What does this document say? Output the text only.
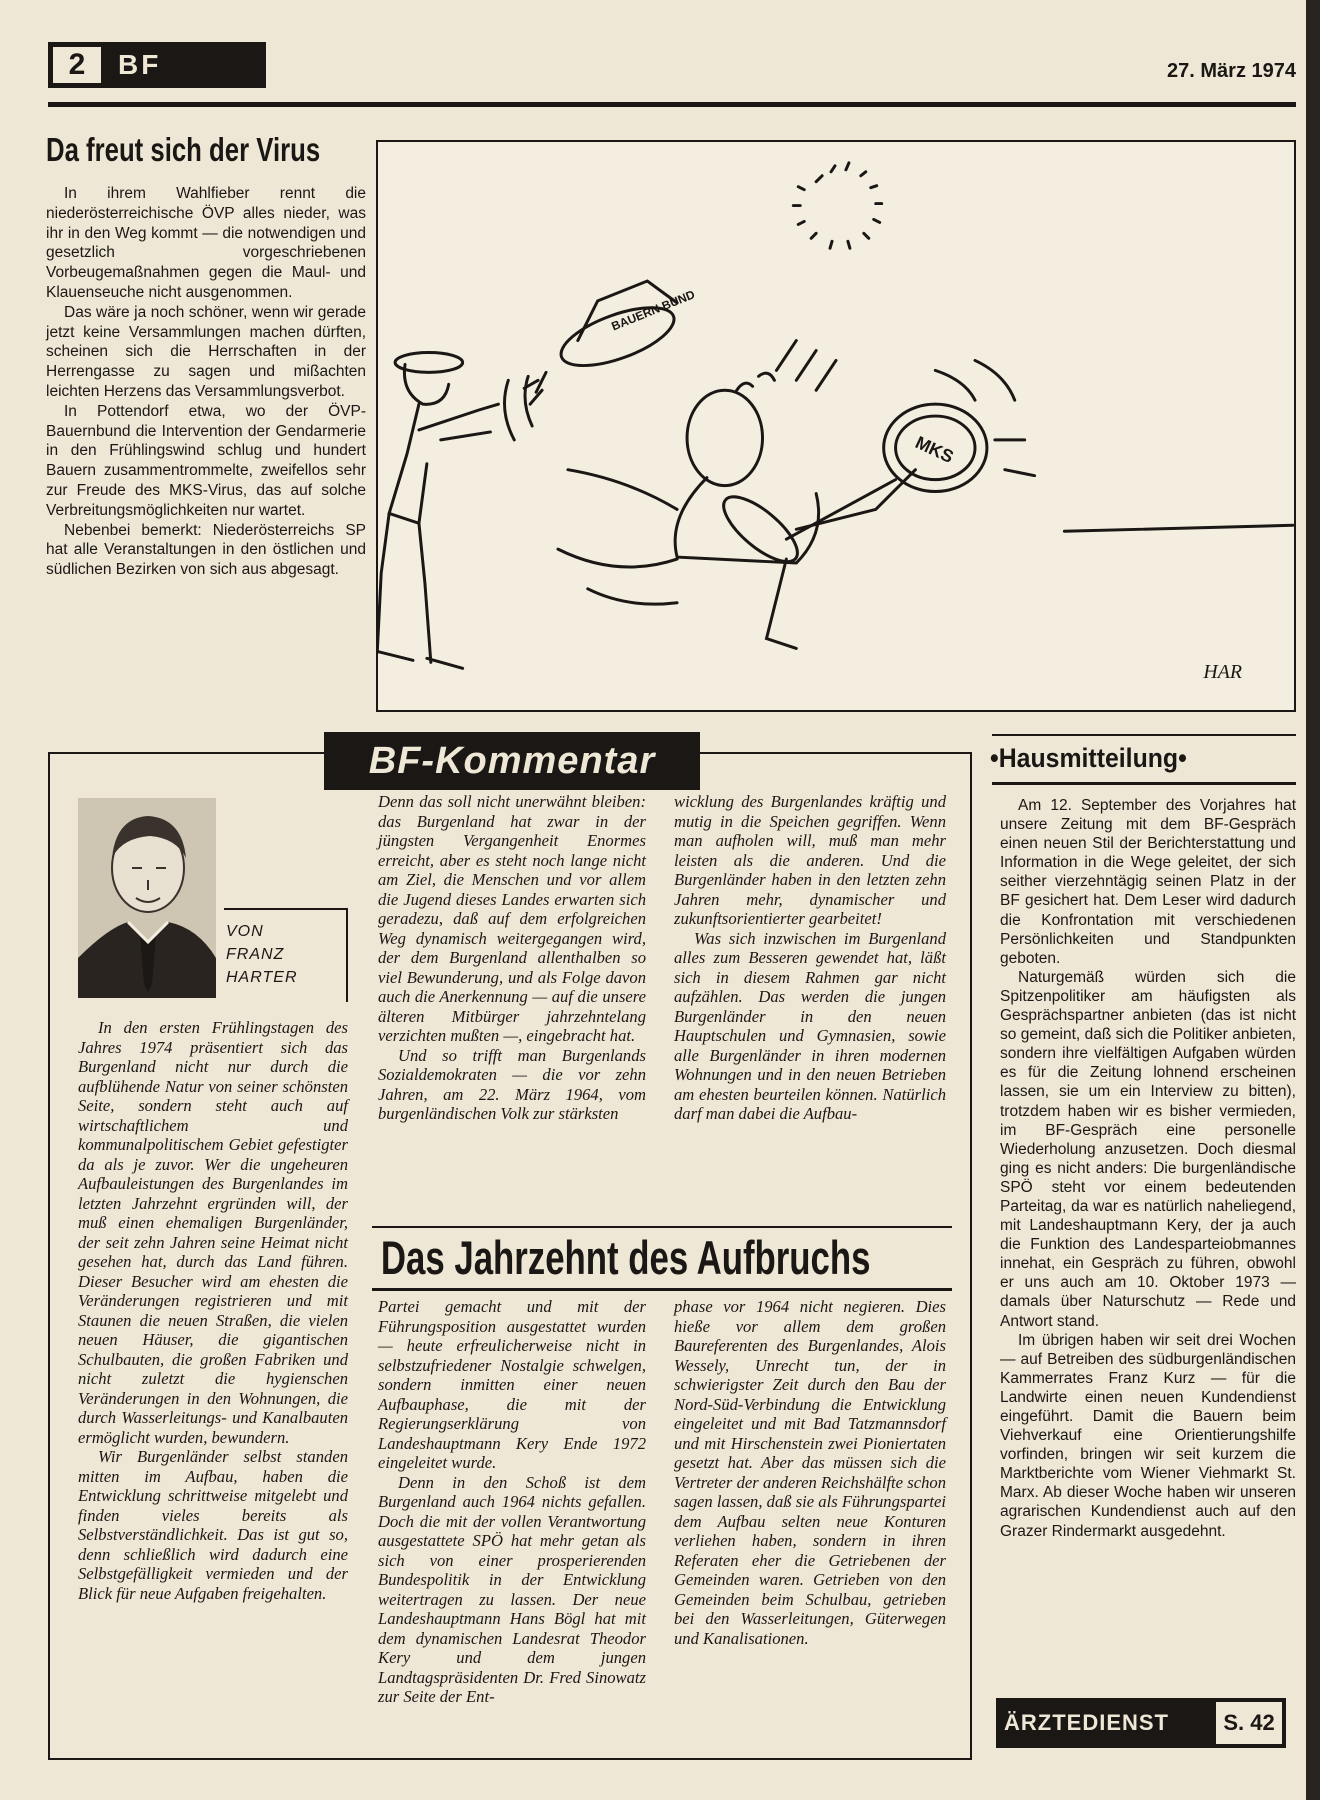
2	BF	27. März 1974
Da freut sich der Virus

In ihrem Wahlfieber rennt die niederösterreichische ÖVP alles nieder, was ihr in den Weg kommt — die notwendigen und gesetzlich vorgeschriebenen Vorbeugemaßnahmen gegen die Maul- und Klauenseuche nicht ausgenommen.

Das wäre ja noch schöner, wenn wir gerade jetzt keine Versammlungen machen dürften, scheinen sich die Herrschaften in der Herrengasse zu sagen und mißachten leichten Herzens das Versammlungsverbot.

In Pottendorf etwa, wo der ÖVP-Bauernbund die Intervention der Gendarmerie in den Frühlingswind schlug und hundert Bauern zusammentrommelte, zweifellos sehr zur Freude des MKS-Virus, das auf solche Verbreitungsmöglichkeiten nur wartet.

Nebenbei bemerkt: Niederösterreichs SP hat alle Veranstaltungen in den östlichen und südlichen Bezirken von sich aus abgesagt.

BAUERN BUND
MKS
HAR
BF-Kommentar
VON
FRANZ
HARTER

In den ersten Frühlingstagen des Jahres 1974 präsentiert sich das Burgenland nicht nur durch die aufblühende Natur von seiner schönsten Seite, sondern steht auch auf wirtschaftlichem und kommunalpolitischem Gebiet gefestigter da als je zuvor. Wer die ungeheuren Aufbauleistungen des Burgenlandes im letzten Jahrzehnt ergründen will, der muß einen ehemaligen Burgenländer, der seit zehn Jahren seine Heimat nicht gesehen hat, durch das Land führen. Dieser Besucher wird am ehesten die Veränderungen registrieren und mit Staunen die neuen Straßen, die vielen neuen Häuser, die gigantischen Schulbauten, die großen Fabriken und nicht zuletzt die hygienschen Veränderungen in den Wohnungen, die durch Wasserleitungs- und Kanalbauten ermöglicht wurden, bewundern.

Wir Burgenländer selbst standen mitten im Aufbau, haben die Entwicklung schrittweise mitgelebt und finden vieles bereits als Selbstverständlichkeit. Das ist gut so, denn schließlich wird dadurch eine Selbstgefälligkeit vermieden und der Blick für neue Aufgaben freigehalten.

Denn das soll nicht unerwähnt bleiben: das Burgenland hat zwar in der jüngsten Vergangenheit Enormes erreicht, aber es steht noch lange nicht am Ziel, die Menschen und vor allem die Jugend dieses Landes erwarten sich geradezu, daß auf dem erfolgreichen Weg dynamisch weitergegangen wird, der dem Burgenland allenthalben so viel Bewunderung, und als Folge davon auch die Anerkennung — auf die unsere älteren Mitbürger jahrzehntelang verzichten mußten —, eingebracht hat.

Und so trifft man Burgenlands Sozialdemokraten — die vor zehn Jahren, am 22. März 1964, vom burgenländischen Volk zur stärksten

wicklung des Burgenlandes kräftig und mutig in die Speichen gegriffen. Wenn man aufholen will, muß man mehr leisten als die anderen. Und die Burgenländer haben in den letzten zehn Jahren mehr, dynamischer und zukunftsorientierter gearbeitet!

Was sich inzwischen im Burgenland alles zum Besseren gewendet hat, läßt sich in diesem Rahmen gar nicht aufzählen. Das werden die jungen Burgenländer in den neuen Hauptschulen und Gymnasien, sowie alle Burgenländer in ihren modernen Wohnungen und in den neuen Betrieben am ehesten beurteilen können. Natürlich darf man dabei die Aufbau-

Das Jahrzehnt des Aufbruchs

Partei gemacht und mit der Führungsposition ausgestattet wurden — heute erfreulicherweise nicht in selbstzufriedener Nostalgie schwelgen, sondern inmitten einer neuen Aufbauphase, die mit der Regierungserklärung von Landeshauptmann Kery Ende 1972 eingeleitet wurde.

Denn in den Schoß ist dem Burgenland auch 1964 nichts gefallen. Doch die mit der vollen Verantwortung ausgestattete SPÖ hat mehr getan als sich von einer prosperierenden Bundespolitik in der Entwicklung weitertragen zu lassen. Der neue Landeshauptmann Hans Bögl hat mit dem dynamischen Landesrat Theodor Kery und dem jungen Landtagspräsidenten Dr. Fred Sinowatz zur Seite der Ent-

phase vor 1964 nicht negieren. Dies hieße vor allem dem großen Baureferenten des Burgenlandes, Alois Wessely, Unrecht tun, der in schwierigster Zeit durch den Bau der Nord-Süd-Verbindung die Entwicklung eingeleitet und mit Bad Tatzmannsdorf und mit Hirschenstein zwei Pioniertaten gesetzt hat. Aber das müssen sich die Vertreter der anderen Reichshälfte schon sagen lassen, daß sie als Führungspartei dem Aufbau selten neue Konturen verliehen haben, sondern in ihren Referaten eher die Getriebenen der Gemeinden waren. Getrieben von den Gemeinden beim Schulbau, getrieben bei den Wasserleitungen, Güterwegen und Kanalisationen.

•Hausmitteilung•

Am 12. September des Vorjahres hat unsere Zeitung mit dem BF-Gespräch einen neuen Stil der Berichterstattung und Information in die Wege geleitet, der sich seither vierzehntägig seinen Platz in der BF gesichert hat. Dem Leser wird dadurch die Konfrontation mit verschiedenen Persönlichkeiten und Standpunkten geboten.

Naturgemäß würden sich die Spitzenpolitiker am häufigsten als Gesprächspartner anbieten (das ist nicht so gemeint, daß sich die Politiker anbieten, sondern ihre vielfältigen Aufgaben würden es für die Zeitung lohnend erscheinen lassen, sie um ein Interview zu bitten), trotzdem haben wir es bisher vermieden, im BF-Gespräch eine personelle Wiederholung anzusetzen. Doch diesmal ging es nicht anders: Die burgenländische SPÖ steht vor einem bedeutenden Parteitag, da war es natürlich naheliegend, mit Landeshauptmann Kery, der ja auch die Funktion des Landesparteiobmannes innehat, ein Gespräch zu führen, obwohl er uns auch am 10. Oktober 1973 — damals über Naturschutz — Rede und Antwort stand.

Im übrigen haben wir seit drei Wochen — auf Betreiben des südburgenländischen Kammerrates Franz Kurz — für die Landwirte einen neuen Kundendienst eingeführt. Damit die Bauern beim Viehverkauf eine Orientierungshilfe vorfinden, bringen wir seit kurzem die Marktberichte vom Wiener Viehmarkt St. Marx. Ab dieser Woche haben wir unseren agrarischen Kundendienst auch auf den Grazer Rindermarkt ausgedehnt.

ÄRZTEDIENST	S. 42
